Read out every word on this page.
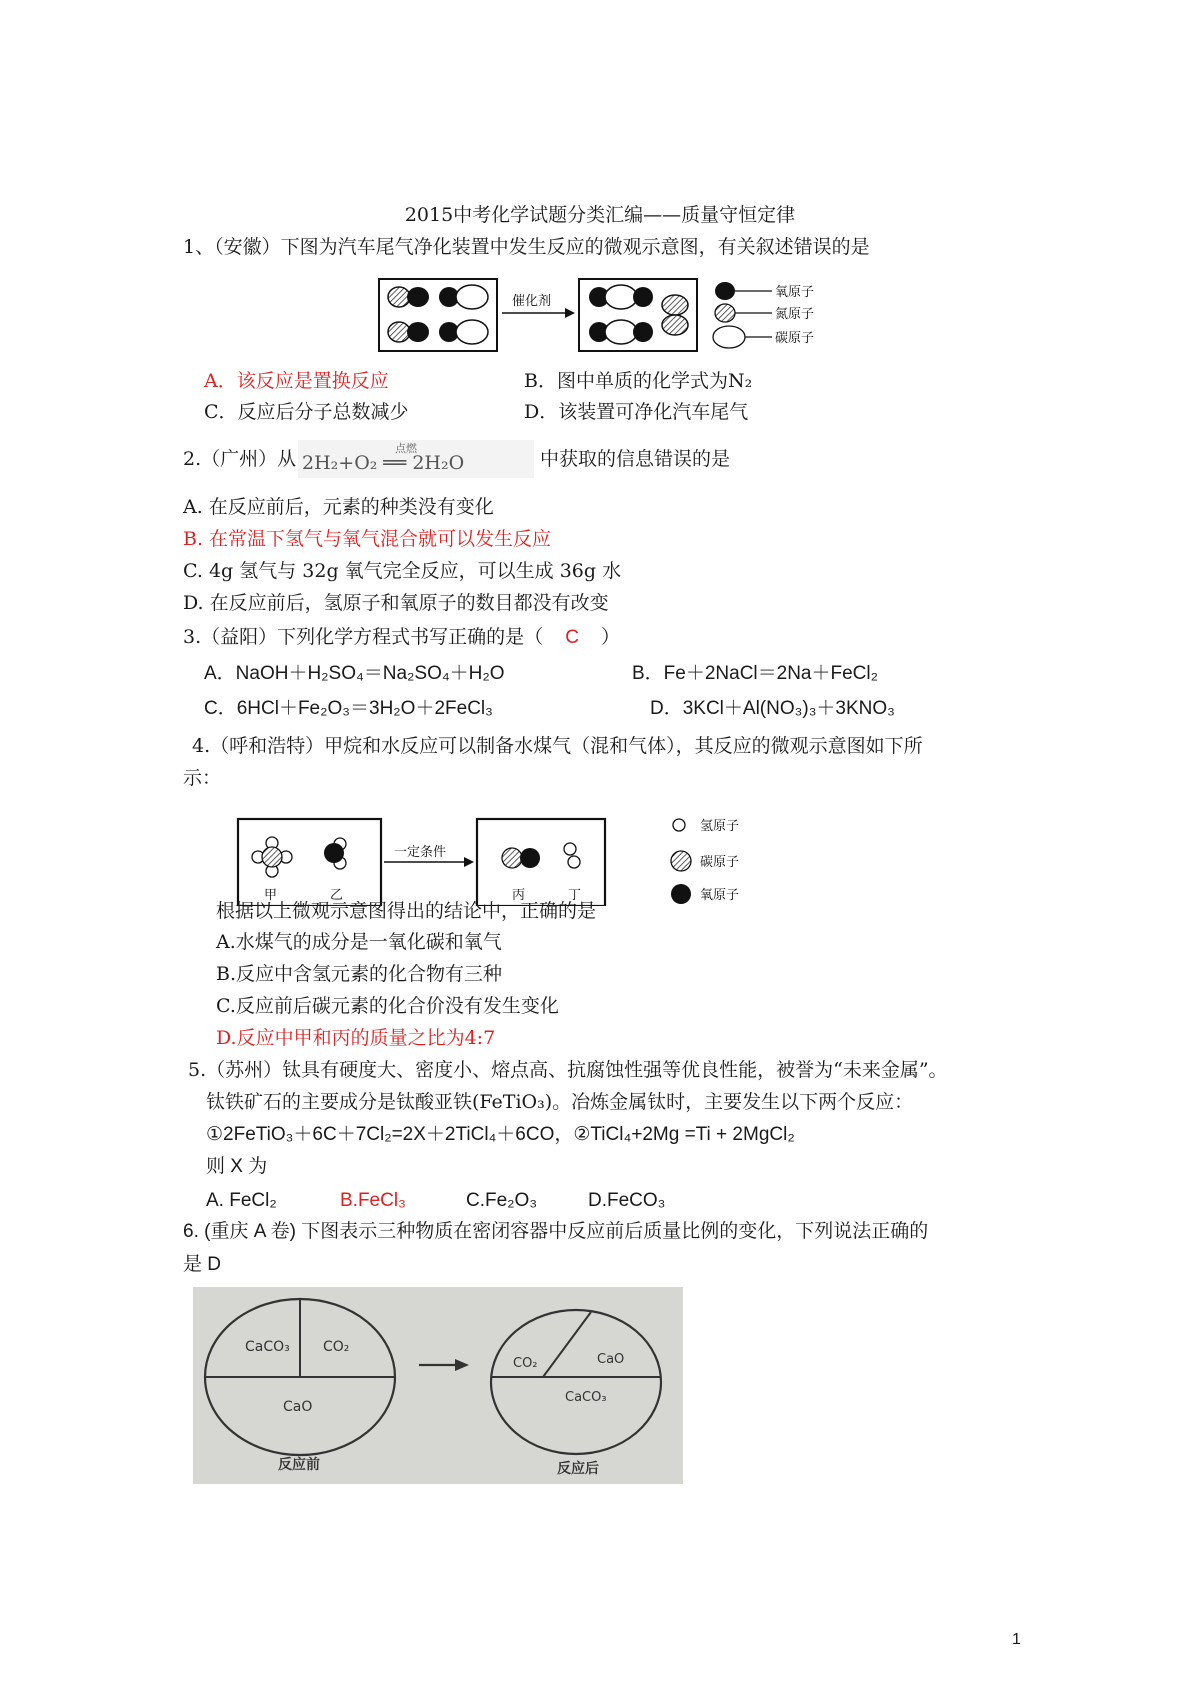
2015中考化学试题分类汇编——质量守恒定律
1、（安徽）下图为汽车尾气净化装置中发生反应的微观示意图，有关叙述错误的是
催化剂
氧原子
氮原子
碳原子
A．该反应是置换反应	B．图中单质的化学式为N₂
C．反应后分子总数减少	D．该装置可净化汽车尾气
2.（广州）从	点燃
2H₂+O₂ ══ 2H₂O	中获取的信息错误的是
A. 在反应前后，元素的种类没有变化
B. 在常温下氢气与氧气混合就可以发生反应
C. 4g 氢气与 32g 氧气完全反应，可以生成 36g 水
D. 在反应前后，氢原子和氧原子的数目都没有改变
3.（益阳）下列化学方程式书写正确的是（ C ）
A．NaOH＋H₂SO₄＝Na₂SO₄＋H₂O	B．Fe＋2NaCl＝2Na＋FeCl₂
C．6HCl＋Fe₂O₃＝3H₂O＋2FeCl₃	D．3KCl＋Al(NO₃)₃＋3KNO₃
4.（呼和浩特）甲烷和水反应可以制备水煤气（混和气体），其反应的微观示意图如下所
示：
甲	乙
一定条件
丙	丁
氢原子
碳原子
氧原子
根据以上微观示意图得出的结论中，正确的是
A.水煤气的成分是一氧化碳和氧气
B.反应中含氢元素的化合物有三种
C.反应前后碳元素的化合价没有发生变化
D.反应中甲和丙的质量之比为4:7
5.（苏州）钛具有硬度大、密度小、熔点高、抗腐蚀性强等优良性能，被誉为“未来金属”。
钛铁矿石的主要成分是钛酸亚铁(FeTiO₃)。冶炼金属钛时，主要发生以下两个反应：
①2FeTiO₃＋6C＋7Cl₂=2X＋2TiCl₄＋6CO，②TiCl₄+2Mg =Ti + 2MgCl₂
则 X 为
A. FeCl₂	B.FeCl₃	C.Fe₂O₃	D.FeCO₃
6. (重庆 A 卷) 下图表示三种物质在密闭容器中反应前后质量比例的变化，下列说法正确的
是 D
CaCO₃ CO₂
CaO
反应前
CO₂	CaO
CaCO₃
反应后
1
